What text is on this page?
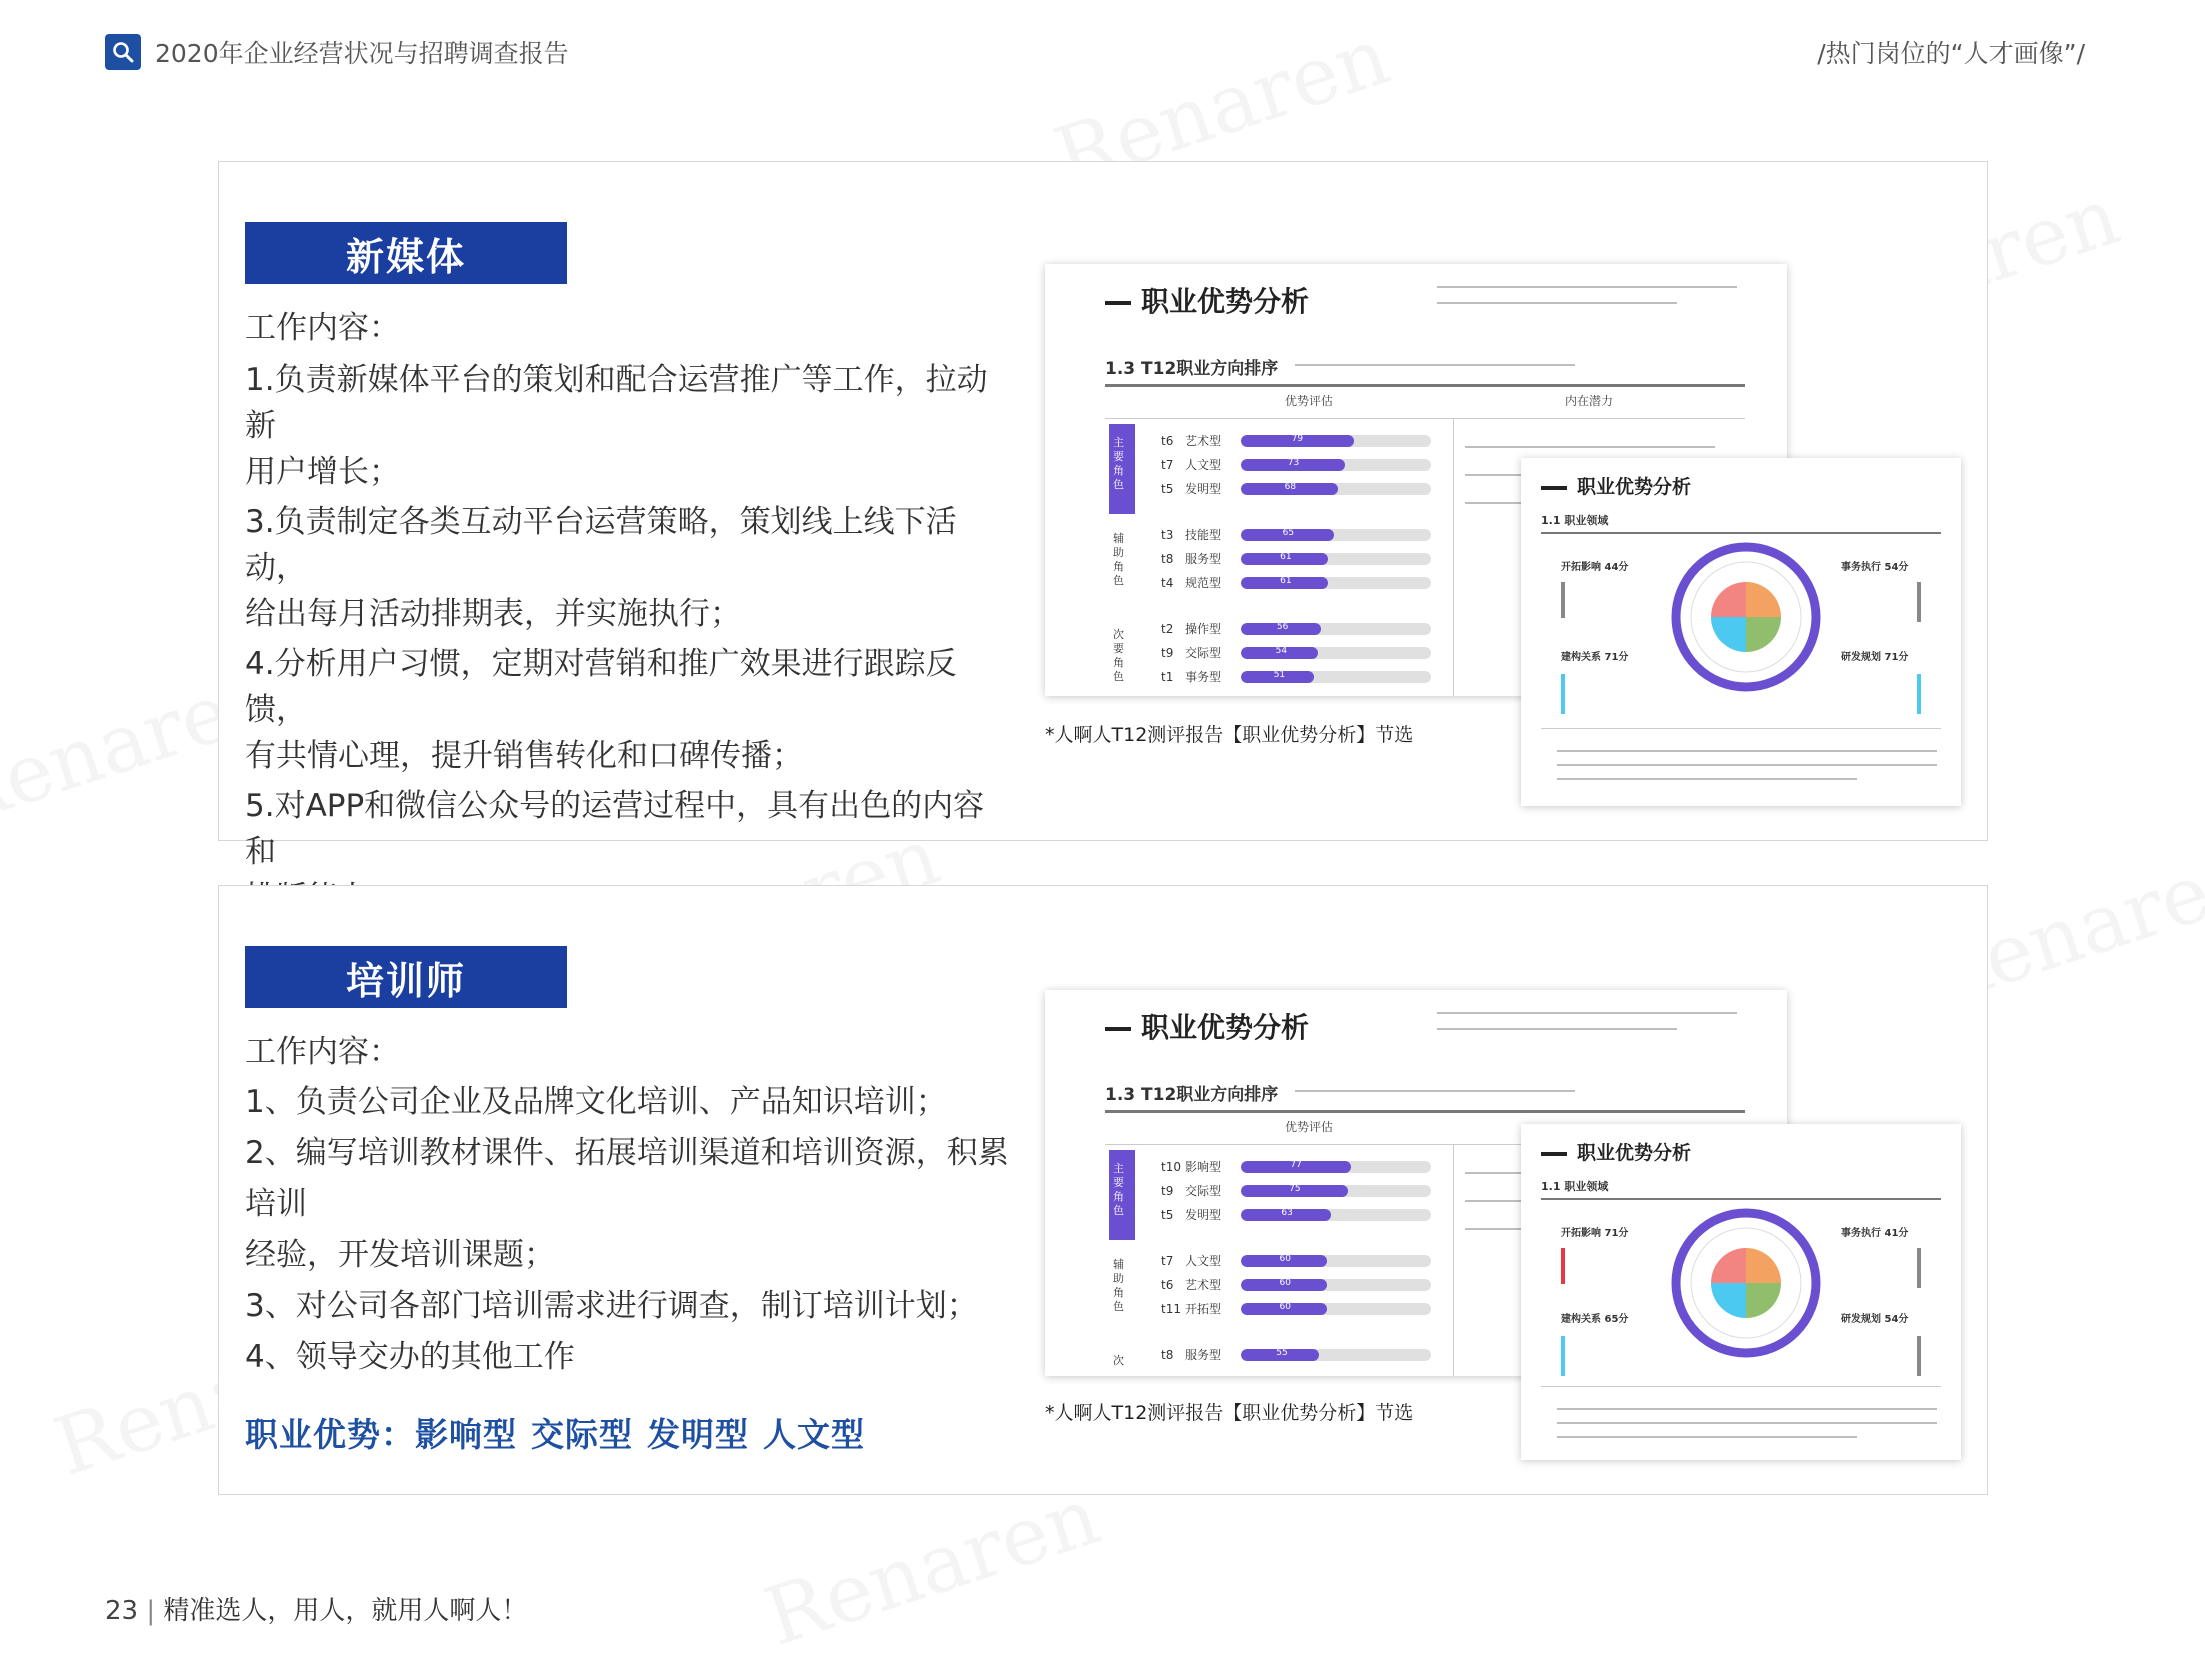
2020年企业经营状况与招聘调查报告	/热门岗位的“人才画像”/
新媒体
工作内容：
1.负责新媒体平台的策划和配合运营推广等工作，拉动新
用户增长；
3.负责制定各类互动平台运营策略，策划线上线下活动，
给出每月活动排期表，并实施执行；
4.分析用户习惯，定期对营销和推广效果进行跟踪反馈，
有共情心理，提升销售转化和口碑传播；
5.对APP和微信公众号的运营过程中，具有出色的内容和
职业优势分析
1.3 T12职业方向排序
优势评估	内在潜力
主要角色
辅助角色
次要角色
t6 艺术型	79
t7 人文型	73
t5 发明型	68
t3 技能型	65
t8 服务型	61
t4 规范型	61
t2 操作型	56
t9 交际型	54
t1 事务型	51
职业优势分析
1.1 职业领域
开拓影响 44分	事务执行 54分
建构关系 71分	研发规划 71分
*人啊人T12测评报告【职业优势分析】节选
培训师
工作内容：
1、负责公司企业及品牌文化培训、产品知识培训；
2、编写培训教材课件、拓展培训渠道和培训资源，积累培训
经验，开发培训课题；
3、对公司各部门培训需求进行调查，制订培训计划；
4、领导交办的其他工作
职业优势：影响型 交际型 发明型 人文型
职业优势分析
1.3 T12职业方向排序
优势评估
主要角色
辅助角色
次
t10 影响型	77
t9 交际型	75
t5 发明型	63
t7 人文型	60
t6 艺术型	60
t11 开拓型	60
t8 服务型	55
职业优势分析
1.1 职业领域
开拓影响 71分	事务执行 41分
建构关系 65分	研发规划 54分
*人啊人T12测评报告【职业优势分析】节选
23 | 精准选人，用人，就用人啊人！
